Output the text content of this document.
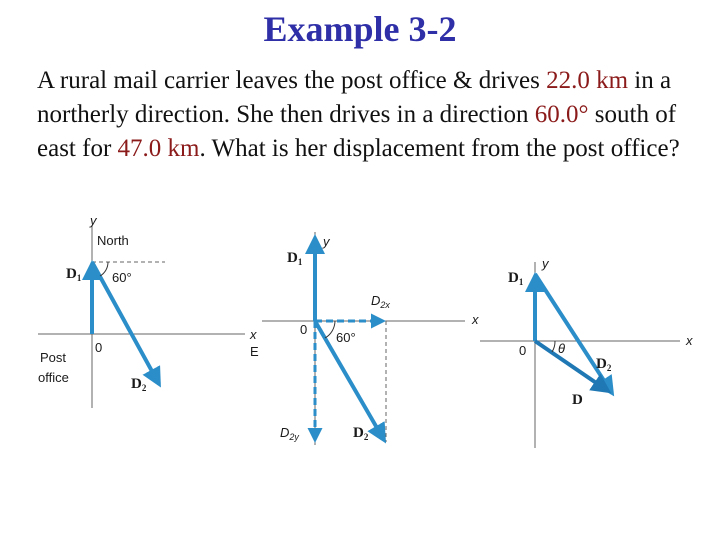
Example 3-2
A rural mail carrier leaves the post office & drives 22.0 km in a northerly direction. She then drives in a direction 60.0° south of east for 47.0 km. What is her displacement from the post office?
y
North
$D_1$ 60°
x
E
0
Post
office	$D_2$
y
$D_1$
$D_{2x}$
0
60°
x
$D_{2y}$	$D_2$
y
$D_1$
x
0 θ
$D_2$
D
